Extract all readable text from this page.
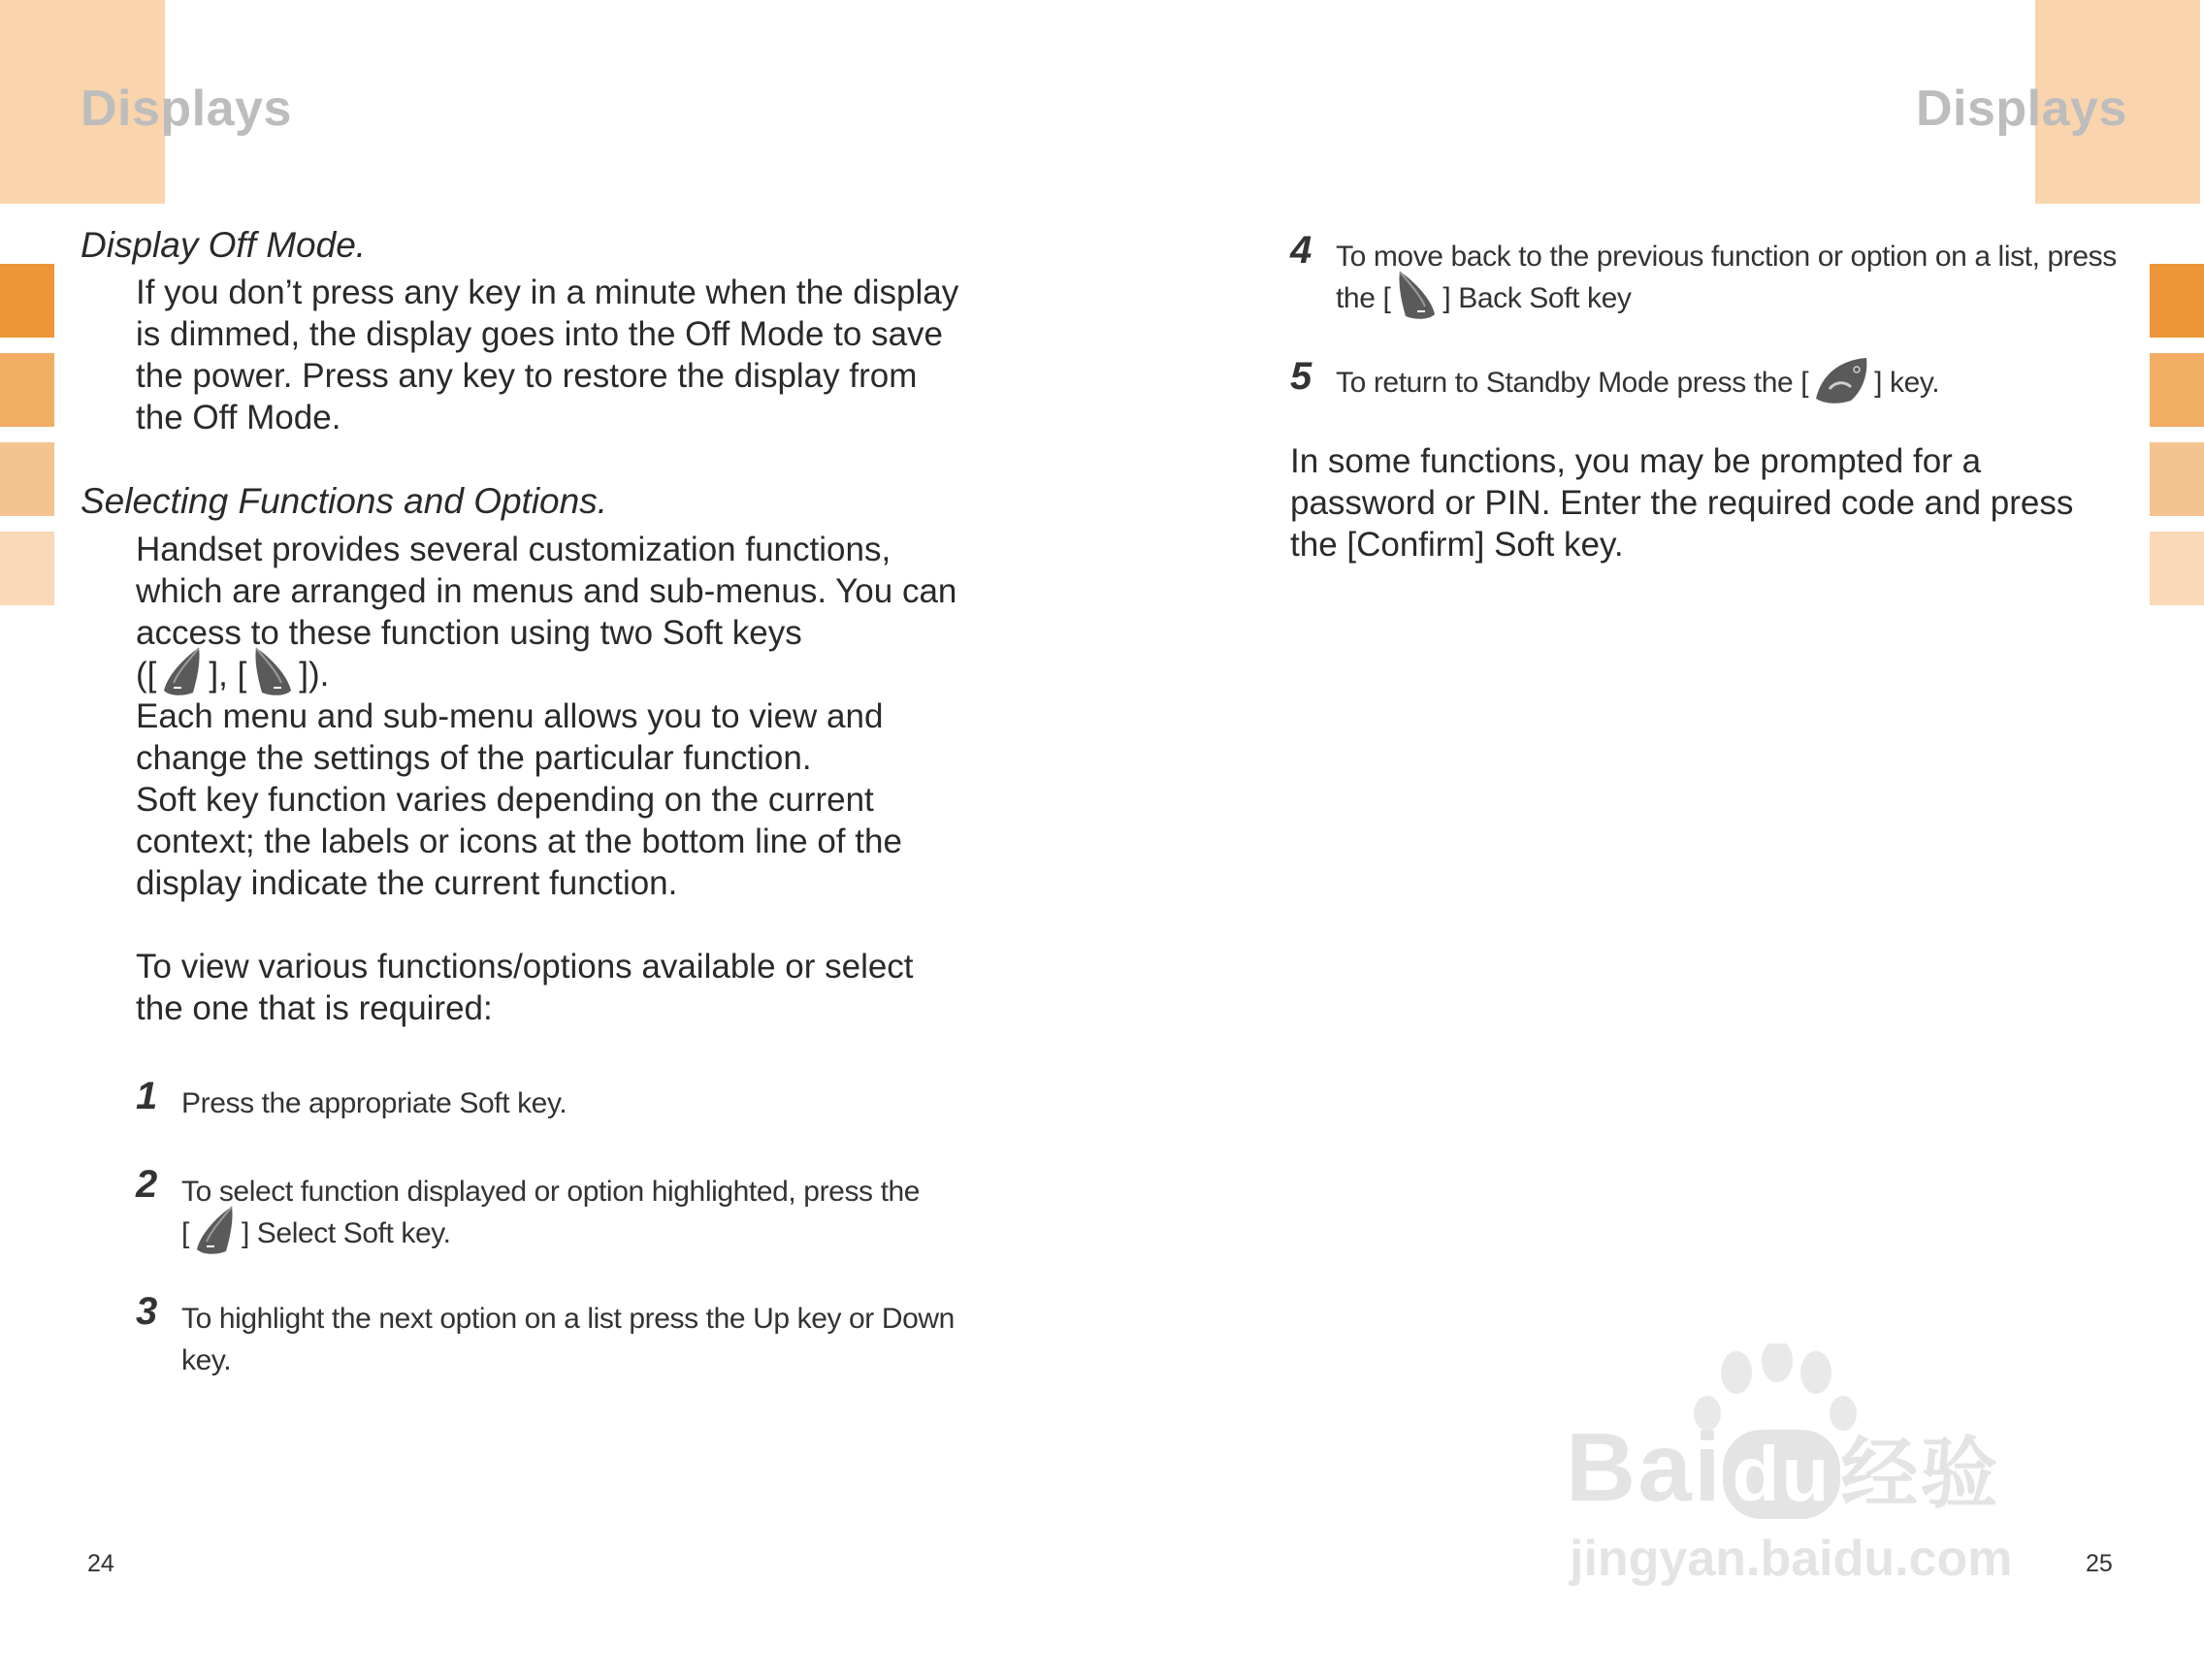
Displays	Displays
Display Off Mode.

If you don’t press any key in a minute when the display

is dimmed, the display goes into the Off Mode to save

the power. Press any key to restore the display from

the Off Mode.

Selecting Functions and Options.

Handset provides several customization functions,

which are arranged in menus and sub-menus. You can

access to these function using two Soft keys

([ ], [ ]).

Each menu and sub-menu allows you to view and

change the settings of the particular function.

Soft key function varies depending on the current

context; the labels or icons at the bottom line of the

display indicate the current function.

To view various functions/options available or select

the one that is required:

1 Press the appropriate Soft key.
2 To select function displayed or option highlighted, press the
[ ] Select Soft key.
3 To highlight the next option on a list press the Up key or Down
key.
24
4 To move back to the previous function or option on a list, press
the [ ] Back Soft key
5 To return to Standby Mode press the [ ] key.

In some functions, you may be prompted for a

password or PIN. Enter the required code and press

the [Confirm] Soft key.

25
Bai du 经验
jingyan.baidu.com
